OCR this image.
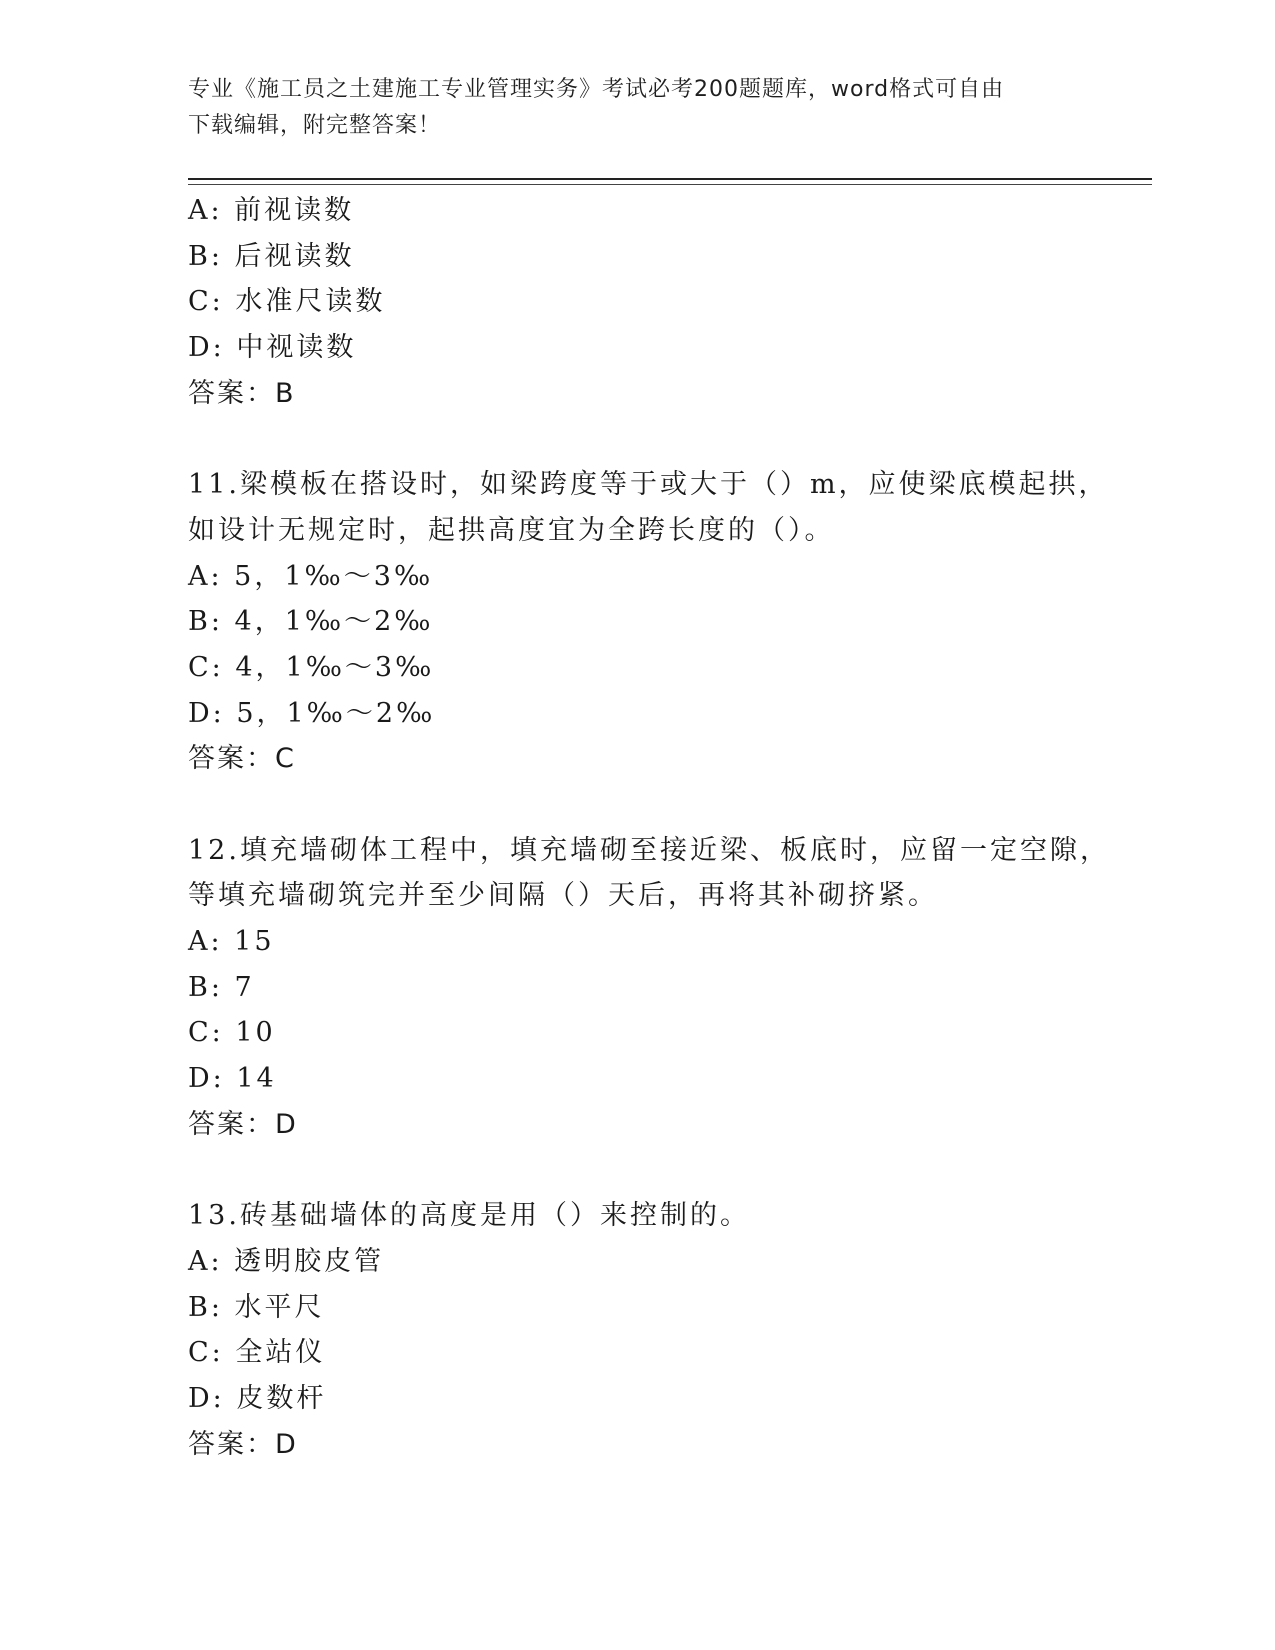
专业《施工员之土建施工专业管理实务》考试必考200题题库，word格式可自由
下载编辑，附完整答案！
A: 前视读数
B: 后视读数
C: 水准尺读数
D: 中视读数
答案：B
11.梁模板在搭设时，如梁跨度等于或大于（）m，应使梁底模起拱，
如设计无规定时，起拱高度宜为全跨长度的（）。
A: 5，1‰～3‰
B: 4，1‰～2‰
C: 4，1‰～3‰
D: 5，1‰～2‰
答案：C
12.填充墙砌体工程中，填充墙砌至接近梁、板底时，应留一定空隙，
等填充墙砌筑完并至少间隔（）天后，再将其补砌挤紧。
A: 15
B: 7
C: 10
D: 14
答案：D
13.砖基础墙体的高度是用（）来控制的。
A: 透明胶皮管
B: 水平尺
C: 全站仪
D: 皮数杆
答案：D
